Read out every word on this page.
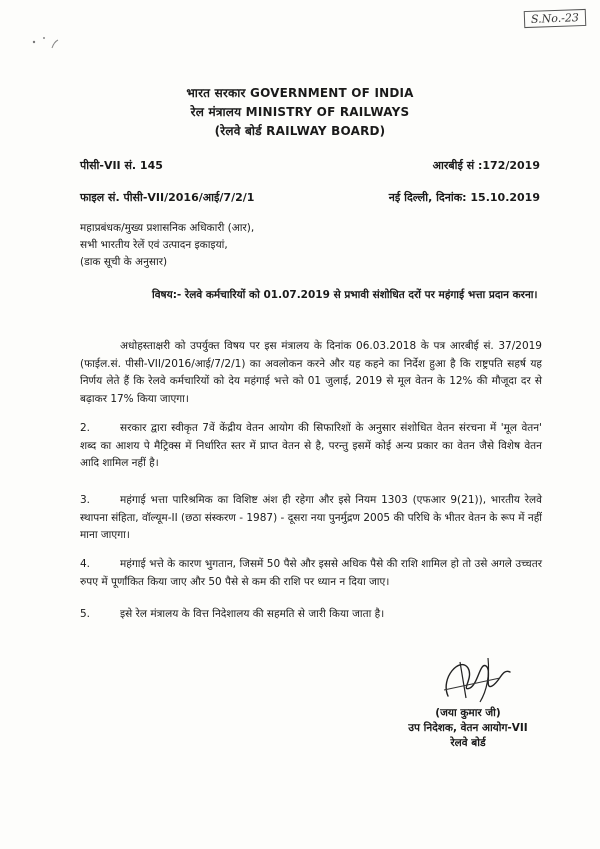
S.No.-23
भारत सरकार GOVERNMENT OF INDIA
रेल मंत्रालय MINISTRY OF RAILWAYS
(रेलवे बोर्ड RAILWAY BOARD)
पीसी-VII सं. 145	आरबीई सं :172/2019
फाइल सं. पीसी-VII/2016/आई/7/2/1	नई दिल्ली, दिनांक: 15.10.2019
महाप्रबंधक/मुख्य प्रशासनिक अधिकारी (आर),
सभी भारतीय रेलें एवं उत्पादन इकाइयां,
(डाक सूची के अनुसार)
विषय:- रेलवे कर्मचारियों को 01.07.2019 से प्रभावी संशोधित दरों पर महंगाई भत्ता प्रदान करना।
अधोहस्ताक्षरी को उपर्युक्त विषय पर इस मंत्रालय के दिनांक 06.03.2018 के पत्र आरबीई सं. 37/2019 (फाईल.सं. पीसी-VII/2016/आई/7/2/1) का अवलोकन करने और यह कहने का निर्देश हुआ है कि राष्ट्रपति सहर्ष यह निर्णय लेते हैं कि रेलवे कर्मचारियों को देय महंगाई भत्ते को 01 जुलाई, 2019 से मूल वेतन के 12% की मौजूदा दर से बढ़ाकर 17% किया जाएगा।
2.	सरकार द्वारा स्वीकृत 7वें केंद्रीय वेतन आयोग की सिफारिशों के अनुसार संशोधित वेतन संरचना में 'मूल वेतन' शब्द का आशय पे मैट्रिक्स में निर्धारित स्तर में प्राप्त वेतन से है, परन्तु इसमें कोई अन्य प्रकार का वेतन जैसे विशेष वेतन आदि शामिल नहीं है।
3.	महंगाई भत्ता पारिश्रमिक का विशिष्ट अंश ही रहेगा और इसे नियम 1303 (एफआर 9(21)), भारतीय रेलवे स्थापना संहिता, वॉल्यूम-II (छठा संस्करण - 1987) - दूसरा नया पुनर्मुद्रण 2005 की परिधि के भीतर वेतन के रूप में नहीं माना जाएगा।
4.	महंगाई भत्ते के कारण भुगतान, जिसमें 50 पैसे और इससे अधिक पैसे की राशि शामिल हो तो उसे अगले उच्चतर रुपए में पूर्णांकित किया जाए और 50 पैसे से कम की राशि पर ध्यान न दिया जाए।
5.	इसे रेल मंत्रालय के वित्त निदेशालय की सहमति से जारी किया जाता है।
(जया कुमार जी)
उप निदेशक, वेतन आयोग-VII
रेलवे बोर्ड
